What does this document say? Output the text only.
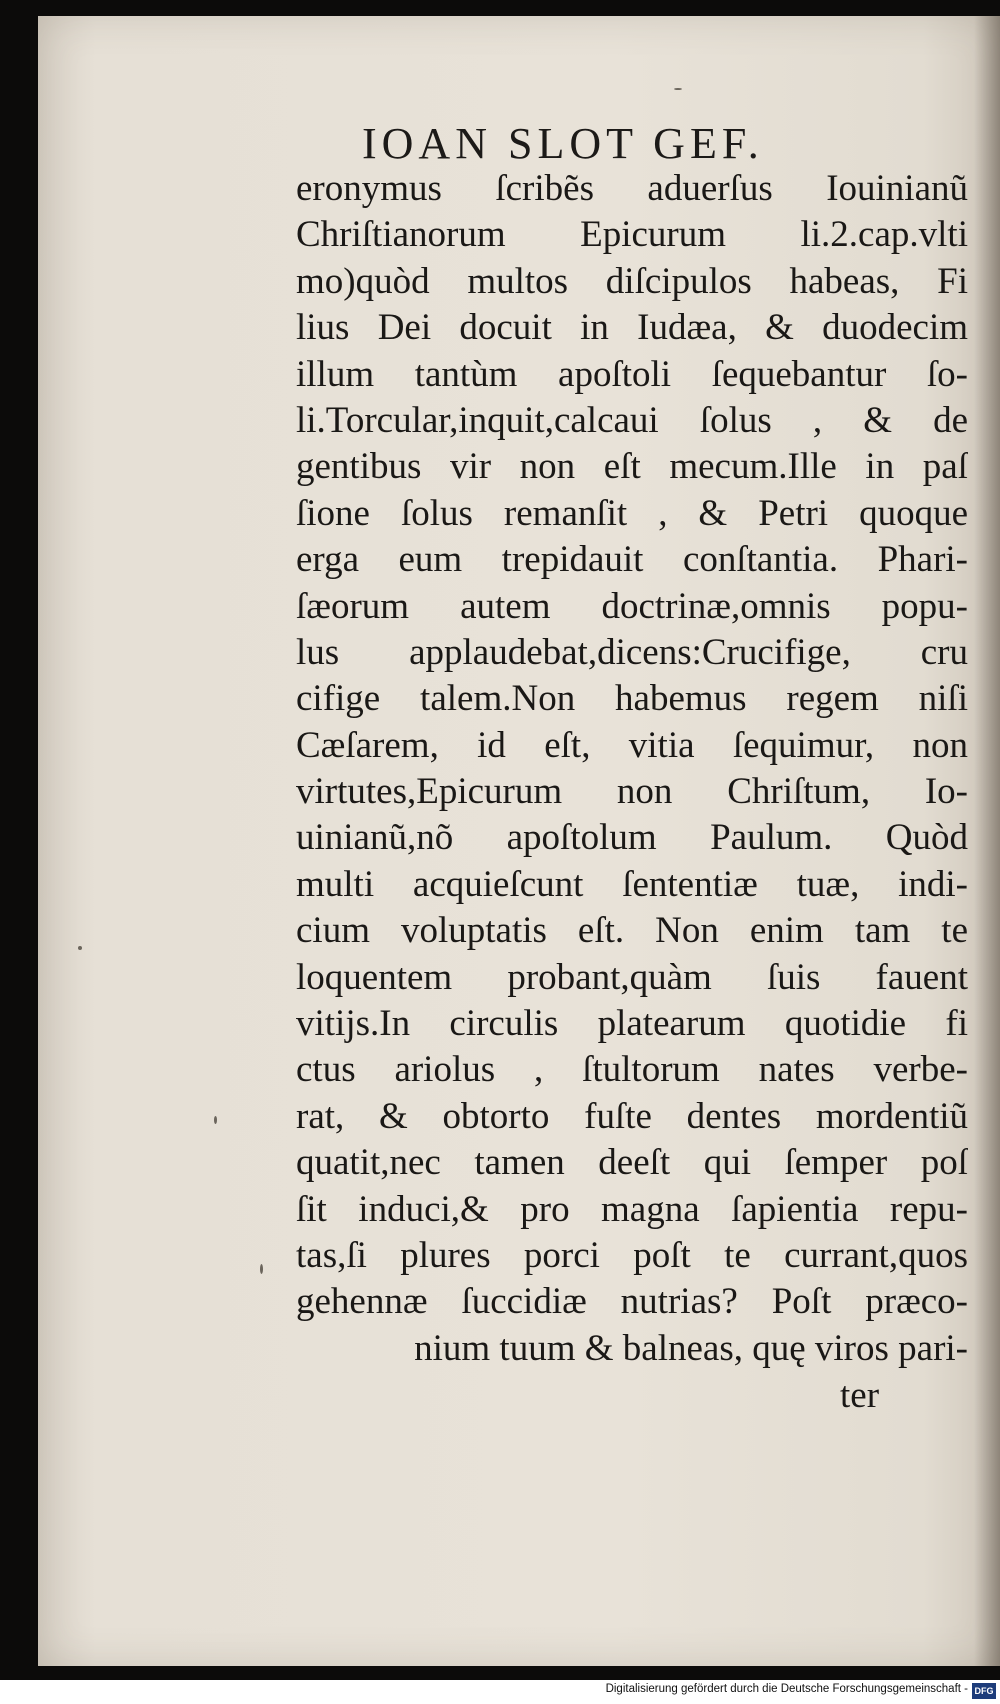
IOAN SLOT GEF.
eronymus ſcribẽs aduerſus Iouinianũ
Chriſtianorum Epicurum li.2.cap.vlti
mo)quòd multos diſcipulos habeas, Fi
lius Dei docuit in Iudæa, & duodecim
illum tantùm apoſtoli ſequebantur ſo-
li.Torcular,inquit,calcaui ſolus , & de
gentibus vir non eſt mecum.Ille in paſ
ſione ſolus remanſit , & Petri quoque
erga eum trepidauit conſtantia. Phari-
ſæorum autem doctrinæ,omnis popu-
lus applaudebat,dicens:Crucifige, cru
cifige talem.Non habemus regem niſi
Cæſarem, id eſt, vitia ſequimur, non
virtutes,Epicurum non Chriſtum, Io-
uinianũ,nõ apoſtolum Paulum. Quòd
multi acquieſcunt ſententiæ tuæ, indi-
cium voluptatis eſt. Non enim tam te
loquentem probant,quàm ſuis fauent
vitijs.In circulis platearum quotidie fi
ctus ariolus , ſtultorum nates verbe-
rat, & obtorto fuſte dentes mordentiũ
quatit,nec tamen deeſt qui ſemper poſ
ſit induci,& pro magna ſapientia repu-
tas,ſi plures porci poſt te currant,quos
gehennæ ſuccidiæ nutrias? Poſt præco-
nium tuum & balneas, quę viros pari-
ter
Digitalisierung gefördert durch die Deutsche Forschungsgemeinschaft - DFG
